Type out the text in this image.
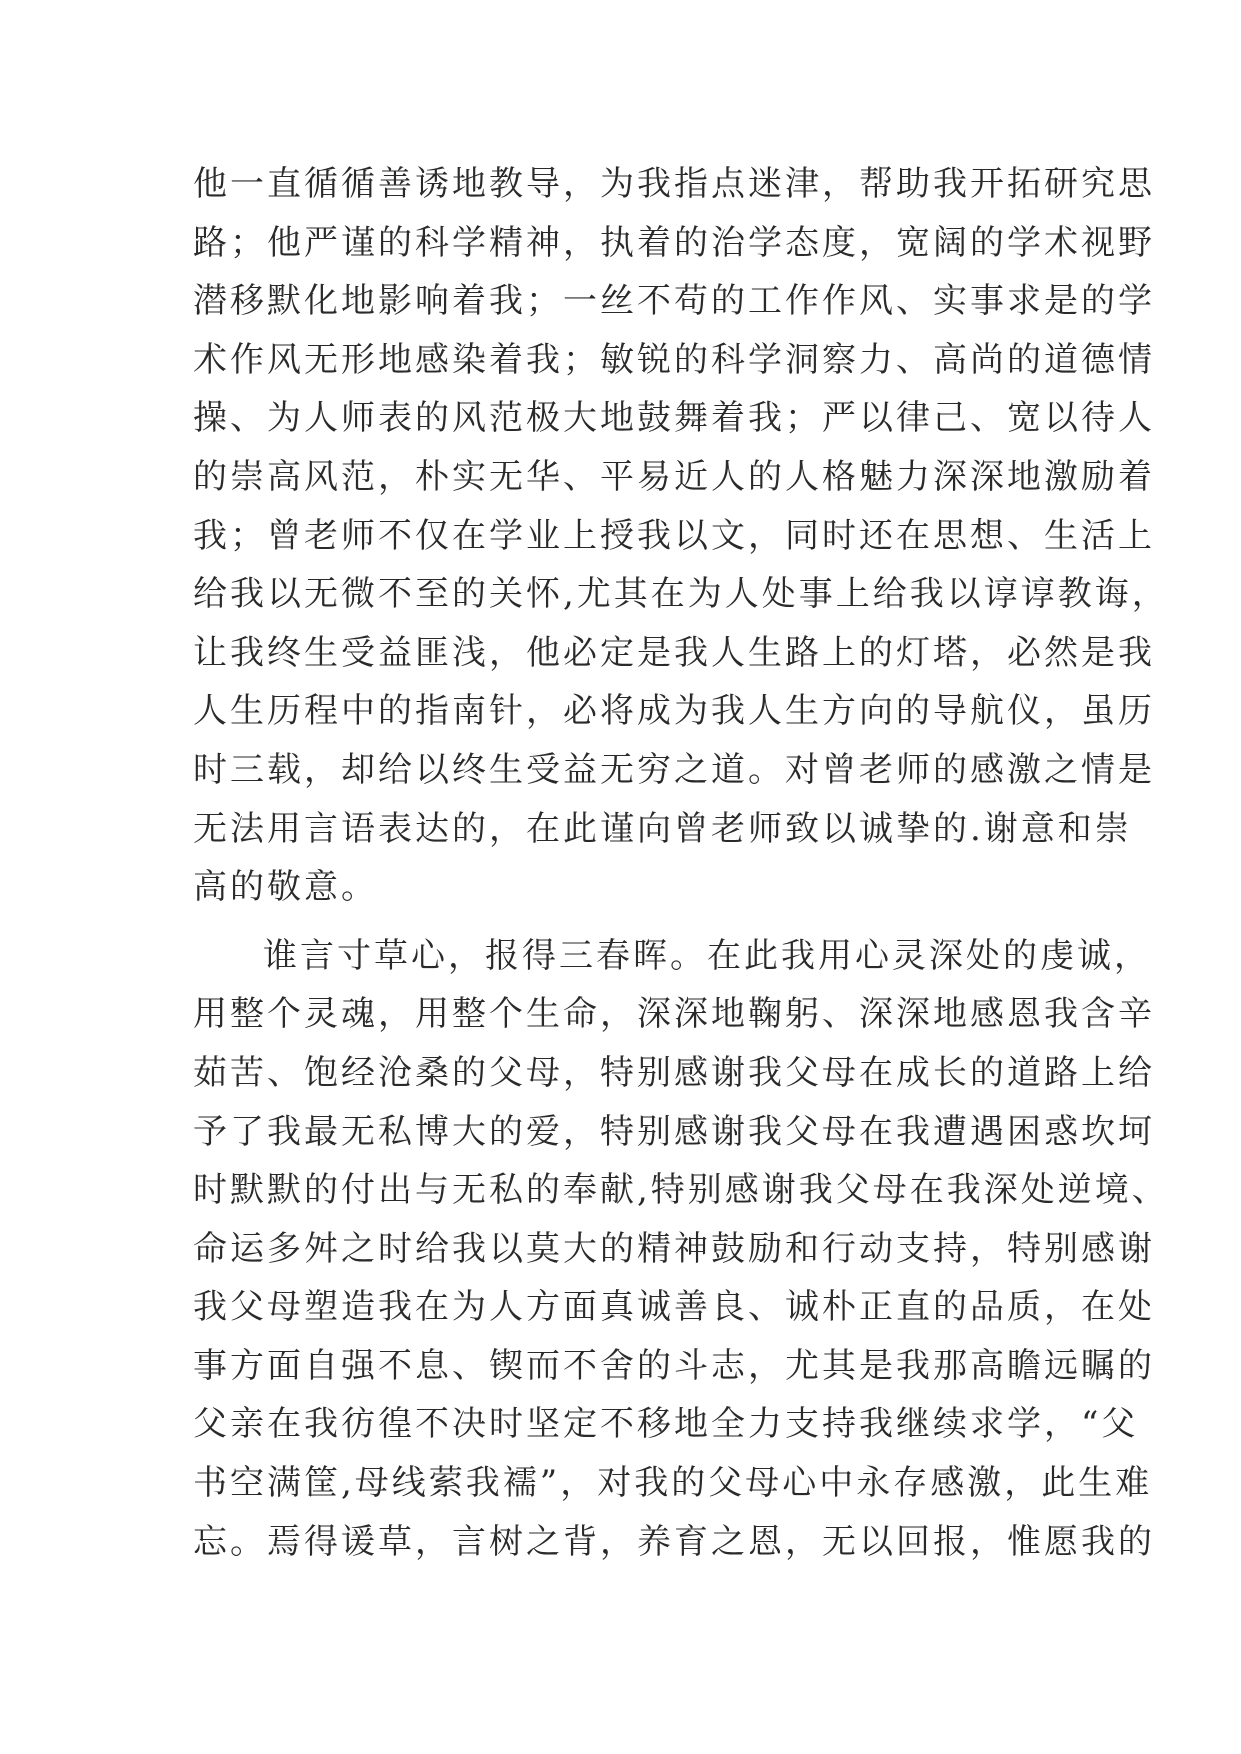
他一直循循善诱地教导，为我指点迷津，帮助我开拓研究思
路；他严谨的科学精神，执着的治学态度，宽阔的学术视野
潜移默化地影响着我；一丝不苟的工作作风、实事求是的学
术作风无形地感染着我；敏锐的科学洞察力、高尚的道德情
操、为人师表的风范极大地鼓舞着我；严以律己、宽以待人
的崇高风范，朴实无华、平易近人的人格魅力深深地激励着
我；曾老师不仅在学业上授我以文，同时还在思想、生活上
给我以无微不至的关怀,尤其在为人处事上给我以谆谆教诲，
让我终生受益匪浅，他必定是我人生路上的灯塔，必然是我
人生历程中的指南针，必将成为我人生方向的导航仪，虽历
时三载，却给以终生受益无穷之道。对曾老师的感激之情是
无法用言语表达的，在此谨向曾老师致以诚挚的.谢意和崇
高的敬意。
谁言寸草心，报得三春晖。在此我用心灵深处的虔诚，
用整个灵魂，用整个生命，深深地鞠躬、深深地感恩我含辛
茹苦、饱经沧桑的父母，特别感谢我父母在成长的道路上给
予了我最无私博大的爱，特别感谢我父母在我遭遇困惑坎坷
时默默的付出与无私的奉献,特别感谢我父母在我深处逆境、
命运多舛之时给我以莫大的精神鼓励和行动支持，特别感谢
我父母塑造我在为人方面真诚善良、诚朴正直的品质，在处
事方面自强不息、锲而不舍的斗志，尤其是我那高瞻远瞩的
父亲在我彷徨不决时坚定不移地全力支持我继续求学，“父
书空满筐,母线萦我襦”，对我的父母心中永存感激，此生难
忘。焉得谖草，言树之背，养育之恩，无以回报，惟愿我的
